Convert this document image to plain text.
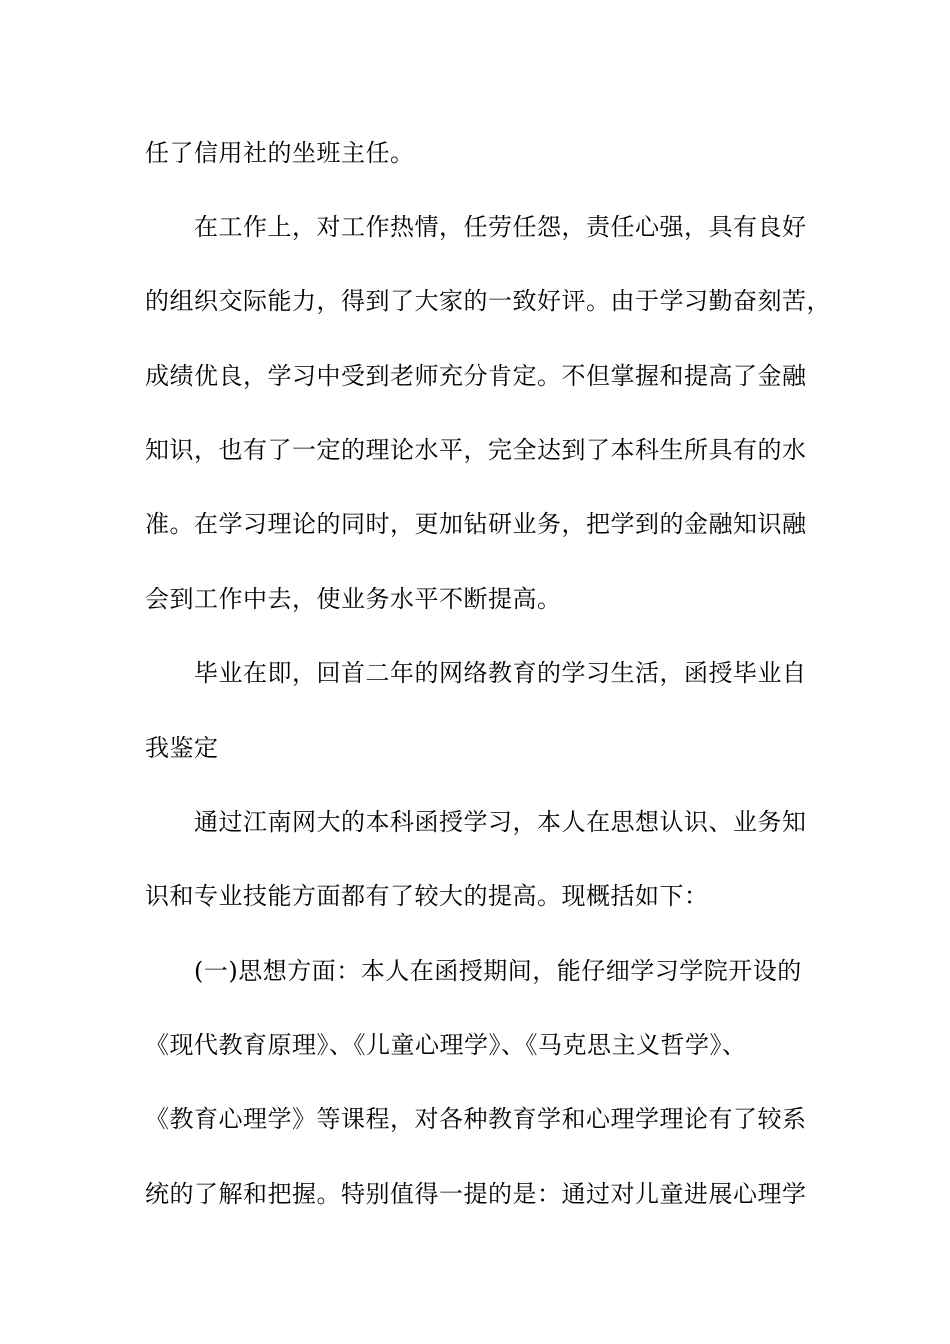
任了信用社的坐班主任。
　　在工作上，对工作热情，任劳任怨，责任心强，具有良好
的组织交际能力，得到了大家的一致好评。由于学习勤奋刻苦，
成绩优良，学习中受到老师充分肯定。不但掌握和提高了金融
知识，也有了一定的理论水平，完全达到了本科生所具有的水
准。在学习理论的同时，更加钻研业务，把学到的金融知识融
会到工作中去，使业务水平不断提高。
　　毕业在即，回首二年的网络教育的学习生活，函授毕业自
我鉴定
　　通过江南网大的本科函授学习，本人在思想认识、业务知
识和专业技能方面都有了较大的提高。现概括如下：
　　(一)思想方面：本人在函授期间，能仔细学习学院开设的
《现代教育原理》、《儿童心理学》、《马克思主义哲学》、
《教育心理学》等课程，对各种教育学和心理学理论有了较系
统的了解和把握。特别值得一提的是：通过对儿童进展心理学
